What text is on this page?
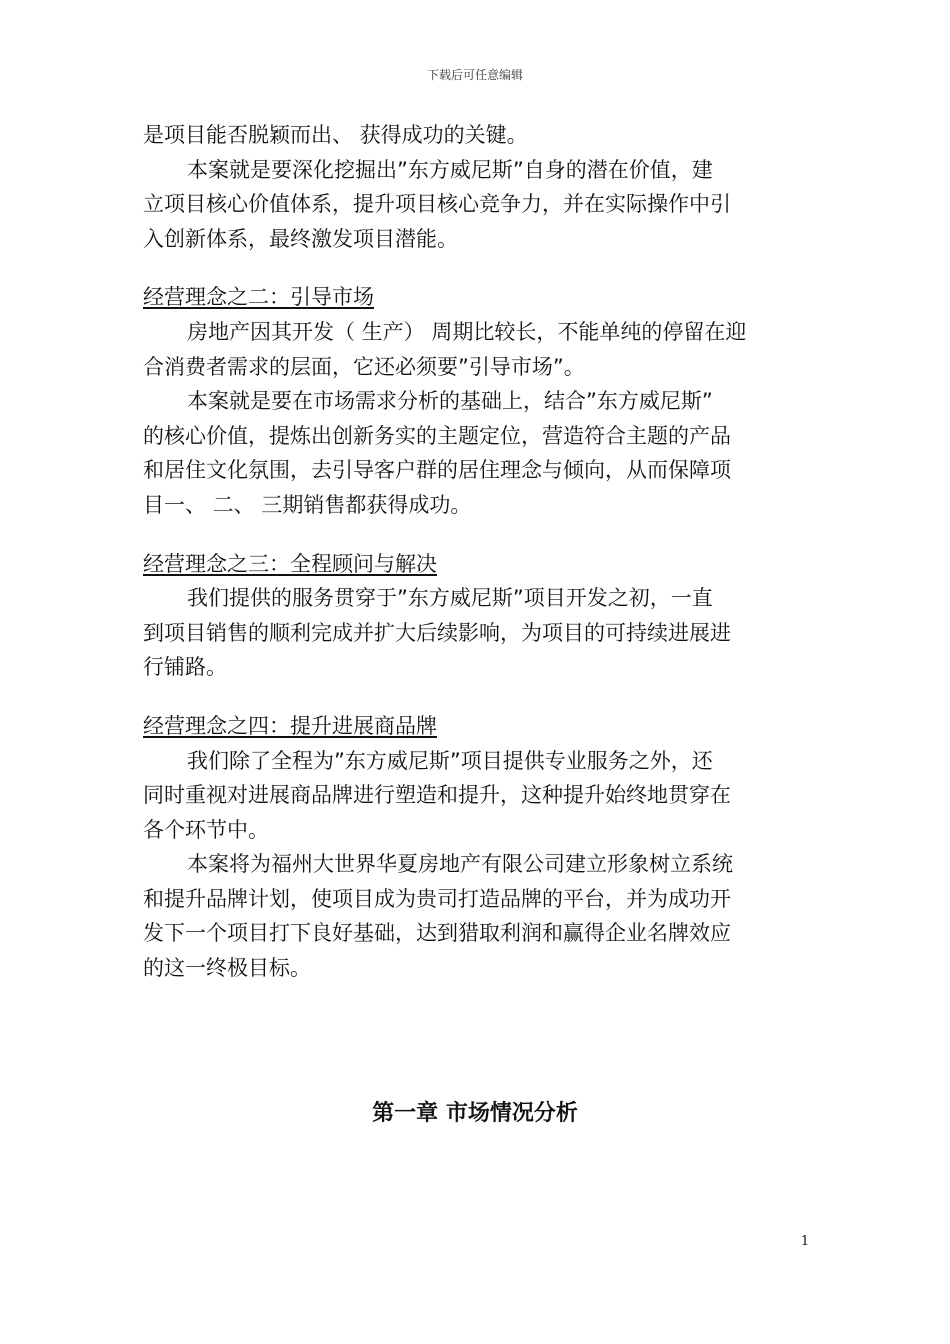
下载后可任意编辑
是项目能否脱颖而出、 获得成功的关键。
本案就是要深化挖掘出”东方威尼斯”自身的潜在价值，建
立项目核心价值体系，提升项目核心竞争力，并在实际操作中引
入创新体系，最终激发项目潜能。
经营理念之二：引导市场
房地产因其开发（ 生产） 周期比较长，不能单纯的停留在迎
合消费者需求的层面，它还必须要”引导市场”。
本案就是要在市场需求分析的基础上，结合”东方威尼斯”
的核心价值，提炼出创新务实的主题定位，营造符合主题的产品
和居住文化氛围，去引导客户群的居住理念与倾向，从而保障项
目一、 二、 三期销售都获得成功。
经营理念之三：全程顾问与解决
我们提供的服务贯穿于”东方威尼斯”项目开发之初，一直
到项目销售的顺利完成并扩大后续影响，为项目的可持续进展进
行铺路。
经营理念之四：提升进展商品牌
我们除了全程为”东方威尼斯”项目提供专业服务之外，还
同时重视对进展商品牌进行塑造和提升，这种提升始终地贯穿在
各个环节中。
本案将为福州大世界华夏房地产有限公司建立形象树立系统
和提升品牌计划，使项目成为贵司打造品牌的平台，并为成功开
发下一个项目打下良好基础，达到猎取利润和赢得企业名牌效应
的这一终极目标。
第一章 市场情况分析
1
